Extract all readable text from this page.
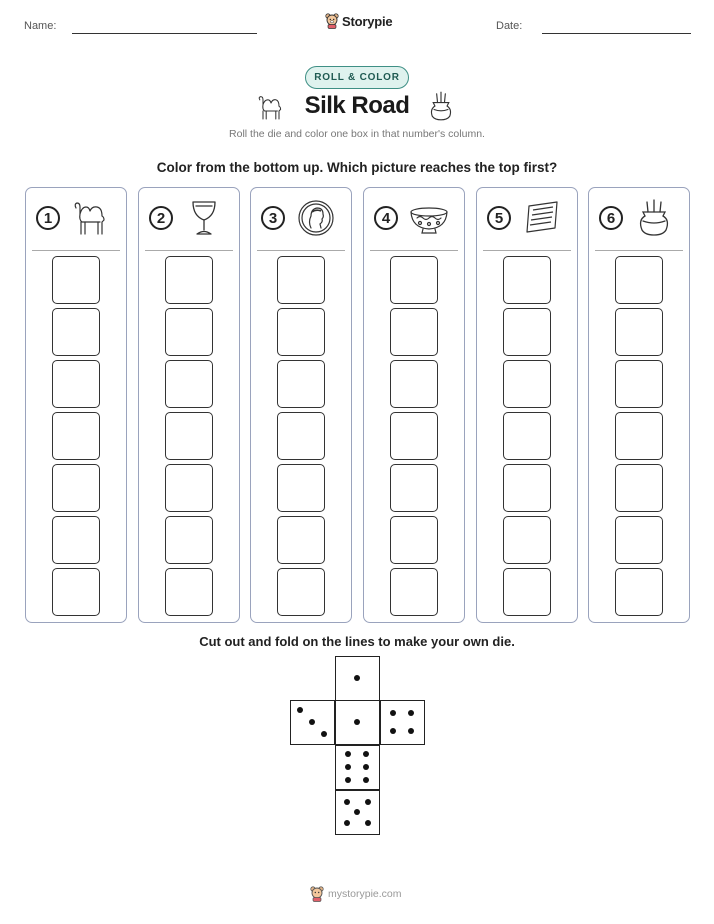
Name:	Storypie	Date:
ROLL & COLOR
Silk Road
Roll the die and color one box in that number's column.
Color from the bottom up. Which picture reaches the top first?
1	2	3	4	5	6
Cut out and fold on the lines to make your own die.
mystorypie.com
